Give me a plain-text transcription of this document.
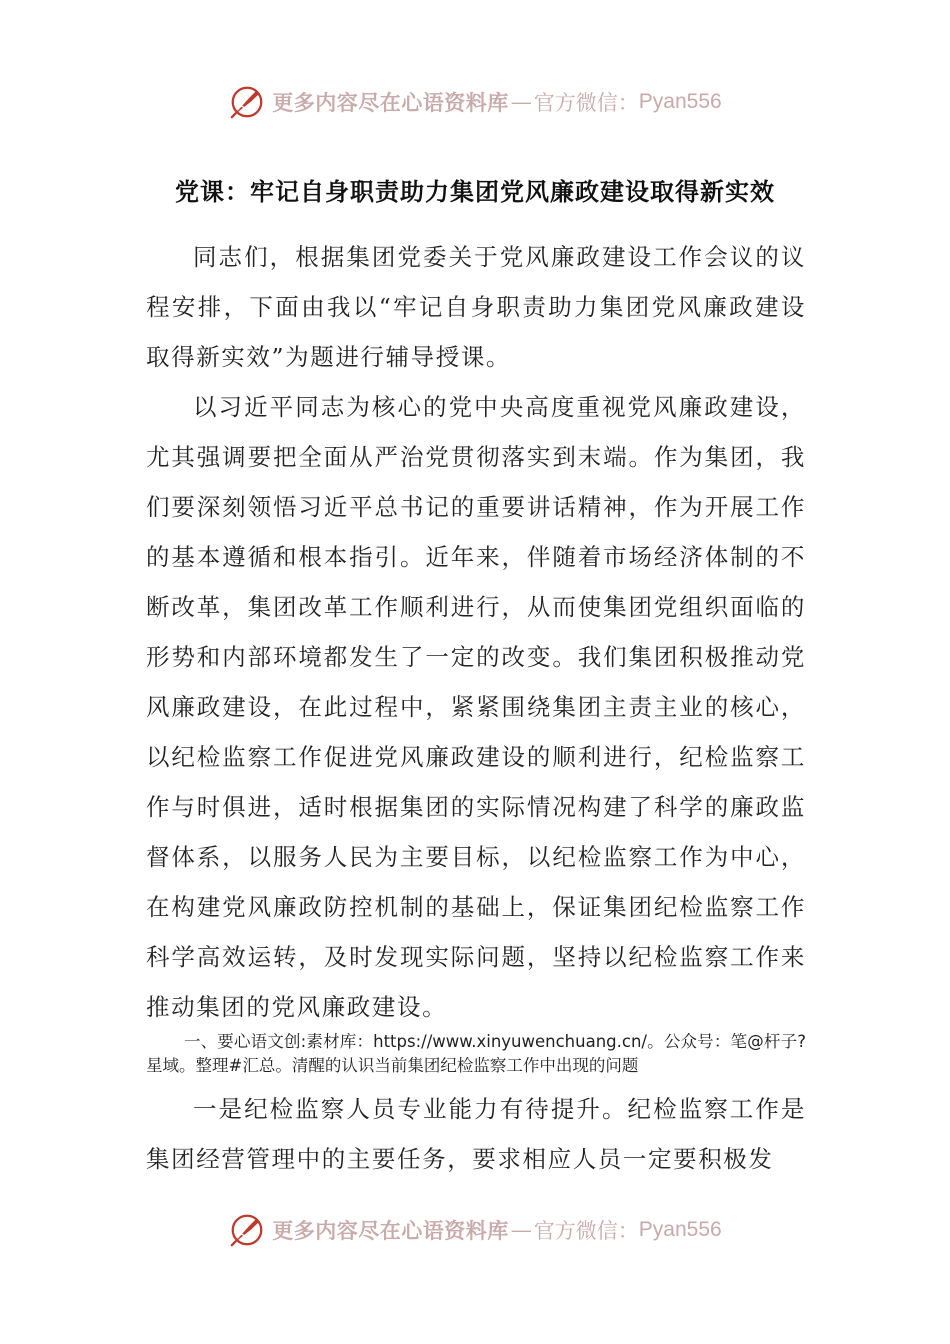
更多内容尽在心语资料库 — 官方微信： Pyan556
党课：牢记自身职责助力集团党风廉政建设取得新实效

同志们，根据集团党委关于党风廉政建设工作会议的议程安排，下面由我以“牢记自身职责助力集团党风廉政建设取得新实效”为题进行辅导授课。

以习近平同志为核心的党中央高度重视党风廉政建设，尤其强调要把全面从严治党贯彻落实到末端。作为集团，我们要深刻领悟习近平总书记的重要讲话精神，作为开展工作的基本遵循和根本指引。近年来，伴随着市场经济体制的不断改革，集团改革工作顺利进行，从而使集团党组织面临的形势和内部环境都发生了一定的改变。我们集团积极推动党风廉政建设，在此过程中，紧紧围绕集团主责主业的核心，以纪检监察工作促进党风廉政建设的顺利进行，纪检监察工作与时俱进，适时根据集团的实际情况构建了科学的廉政监督体系，以服务人民为主要目标，以纪检监察工作为中心，在构建党风廉政防控机制的基础上，保证集团纪检监察工作科学高效运转，及时发现实际问题，坚持以纪检监察工作来推动集团的党风廉政建设。

一、要心语文创:素材库：https://www.xinyuwenchuang.cn/。公众号：笔@杆子?星域。整理#汇总。清醒的认识当前集团纪检监察工作中出现的问题

一是纪检监察人员专业能力有待提升。纪检监察工作是集团经营管理中的主要任务，要求相应人员一定要积极发

更多内容尽在心语资料库 — 官方微信： Pyan556
